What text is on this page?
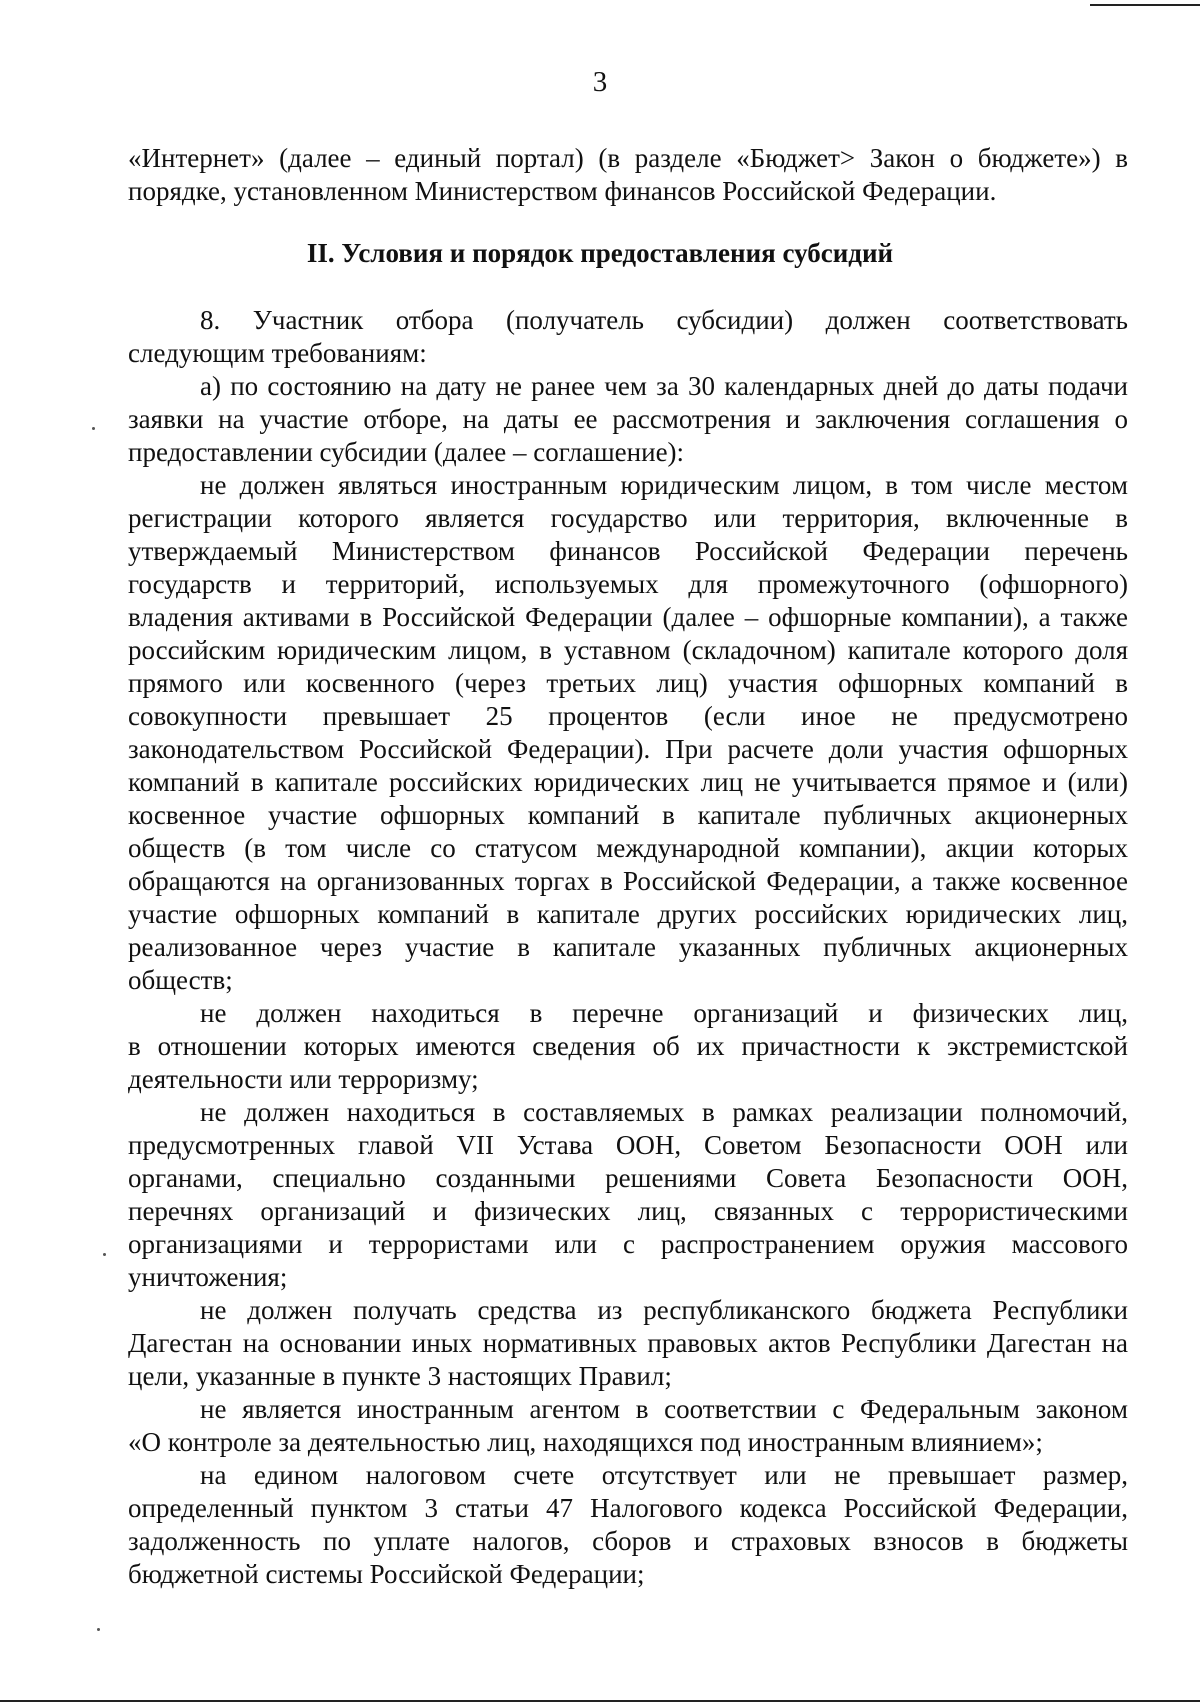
3
«Интернет» (далее – единый портал) (в разделе «Бюджет> Закон о бюджете») в
порядке, установленном Министерством финансов Российской Федерации.
II. Условия и порядок предоставления субсидий
8. Участник отбора (получатель субсидии) должен соответствовать
следующим требованиям:
а) по состоянию на дату не ранее чем за 30 календарных дней до даты подачи
заявки на участие отборе, на даты ее рассмотрения и заключения соглашения о
предоставлении субсидии (далее – соглашение):
не должен являться иностранным юридическим лицом, в том числе местом
регистрации которого является государство или территория, включенные в
утверждаемый Министерством финансов Российской Федерации перечень
государств и территорий, используемых для промежуточного (офшорного)
владения активами в Российской Федерации (далее – офшорные компании), а также
российским юридическим лицом, в уставном (складочном) капитале которого доля
прямого или косвенного (через третьих лиц) участия офшорных компаний в
совокупности превышает 25 процентов (если иное не предусмотрено
законодательством Российской Федерации). При расчете доли участия офшорных
компаний в капитале российских юридических лиц не учитывается прямое и (или)
косвенное участие офшорных компаний в капитале публичных акционерных
обществ (в том числе со статусом международной компании), акции которых
обращаются на организованных торгах в Российской Федерации, а также косвенное
участие офшорных компаний в капитале других российских юридических лиц,
реализованное через участие в капитале указанных публичных акционерных
обществ;
не должен находиться в перечне организаций и физических лиц,
в отношении которых имеются сведения об их причастности к экстремистской
деятельности или терроризму;
не должен находиться в составляемых в рамках реализации полномочий,
предусмотренных главой VII Устава ООН, Советом Безопасности ООН или
органами, специально созданными решениями Совета Безопасности ООН,
перечнях организаций и физических лиц, связанных с террористическими
организациями и террористами или с распространением оружия массового
уничтожения;
не должен получать средства из республиканского бюджета Республики
Дагестан на основании иных нормативных правовых актов Республики Дагестан на
цели, указанные в пункте 3 настоящих Правил;
не является иностранным агентом в соответствии с Федеральным законом
«О контроле за деятельностью лиц, находящихся под иностранным влиянием»;
на едином налоговом счете отсутствует или не превышает размер,
определенный пунктом 3 статьи 47 Налогового кодекса Российской Федерации,
задолженность по уплате налогов, сборов и страховых взносов в бюджеты
бюджетной системы Российской Федерации;
